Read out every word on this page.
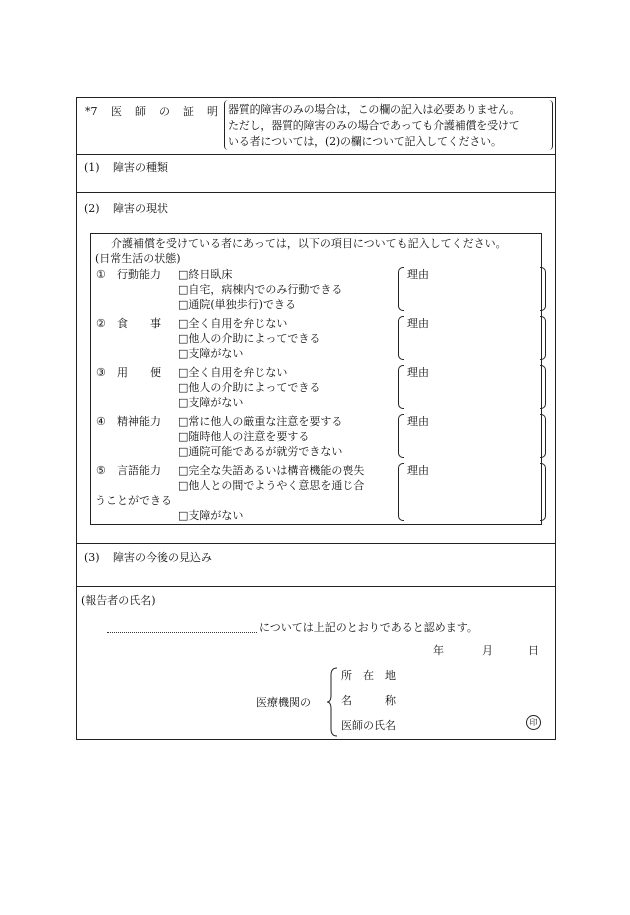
*7 医 師 の 証 明 器質的障害のみの場合は，この欄の記入は必要ありません。
ただし，器質的障害のみの場合であっても介護補償を受けて
いる者については，(2)の欄について記入してください。
(1) 障害の種類
(2) 障害の現状
介護補償を受けている者にあっては，以下の項目についても記入してください。
(日常生活の状態)
① 行動能力 □終日臥床
□自宅，病棟内でのみ行動できる
□通院(単独歩行)できる
理由
② 食　　事 □全く自用を弁じない
□他人の介助によってできる
□支障がない
理由
③ 用　　便 □全く自用を弁じない
□他人の介助によってできる
□支障がない
理由
④ 精神能力 □常に他人の厳重な注意を要する
□随時他人の注意を要する
□通院可能であるが就労できない
理由
⑤ 言語能力 □完全な失語あるいは構音機能の喪失
□他人との間でようやく意思を通じ合
うことができる
□支障がない
理由
(3) 障害の今後の見込み
(報告者の氏名)
については上記のとおりであると認めます。
年	月	日
医療機関の
所　在　地
名　　　称
医師の氏名	印
